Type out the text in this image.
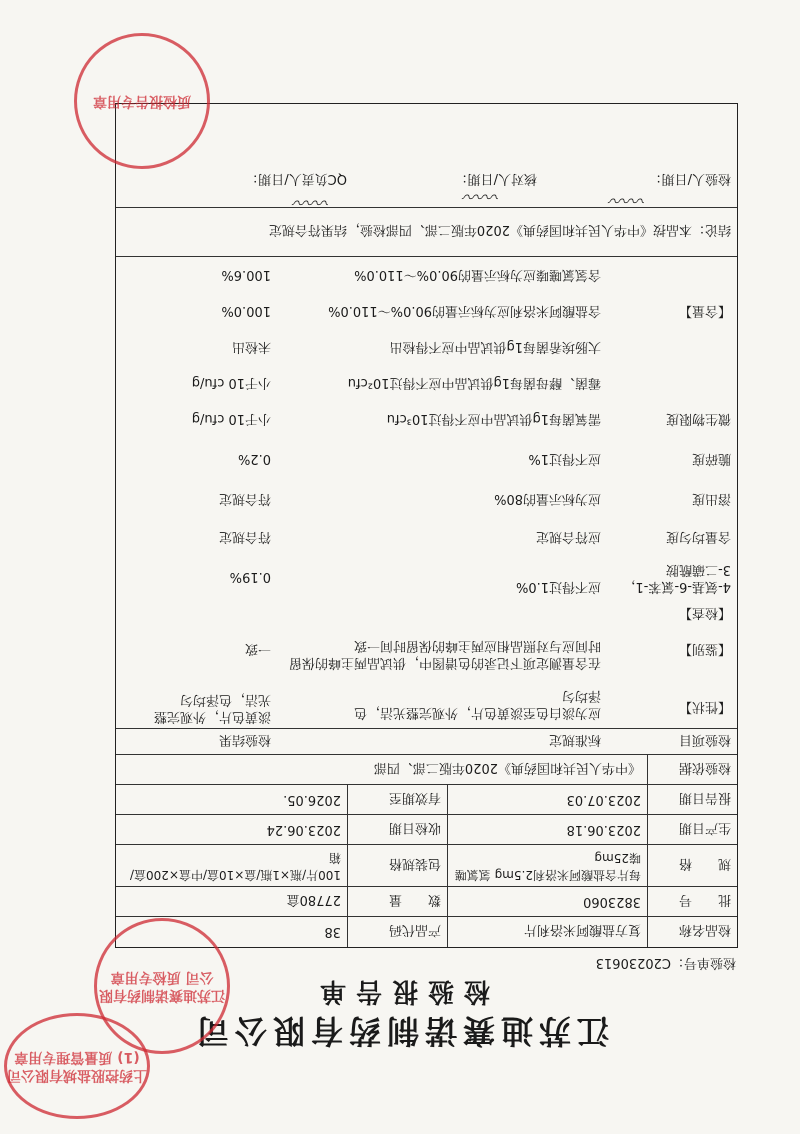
江苏迪赛诺制药有限公司
检验报告单
检验单号：C20230613
检品名称
复方盐酸阿米洛利片
产品代码
38
批　　号
3823060
数　　量
27780盒
规　　格
每片含盐酸阿米洛利2.5mg 氢氯噻嗪25mg
包装规格
100片/瓶×1瓶/盒×10盒/中盒×200盒/箱
生产日期
2023.06.18
收检日期
2023.06.24
报告日期
2023.07.03
有效期至
2026.05.
检验依据
《中华人民共和国药典》2020年版二部、四部
检验项目
标准规定
检验结果
【性状】
应为淡白色至淡黄色片，外观完整光洁，色泽均匀
淡黄色片，外观完整光洁，色泽均匀
【鉴别】
在含量测定项下记录的色谱图中，供试品两主峰的保留时间应与对照品相应两主峰的保留时间一致
一致
【检查】
4-氨基-6-氯苯-1，3-二磺酰胺
应不得过1.0%
0.19%
含量均匀度
应符合规定
符合规定
溶出度
应为标示量的80%
符合规定
脆碎度
应不得过1%
0.2%
微生物限度
需氧菌每1g供试品中应不得过10³cfu
小于10 cfu/g
霉菌、酵母菌每1g供试品中应不得过10²cfu
小于10 cfu/g
大肠埃希菌每1g供试品中应不得检出
未检出
【含量】
含盐酸阿米洛利应为标示量的90.0%～110.0%
100.0%
含氢氯噻嗪应为标示量的90.0%～110.0%
100.6%
结论：本品按《中华人民共和国药典》2020年版二部、四部检验，结果符合规定
检验人/日期：
核对人/日期：
QC负责人/日期：
〰〰
〰〰
〰〰
上药控股盐城有限公司 (1) 质量管理专用章
江苏迪赛诺制药有限公司 质检专用章
质检报告专用章
